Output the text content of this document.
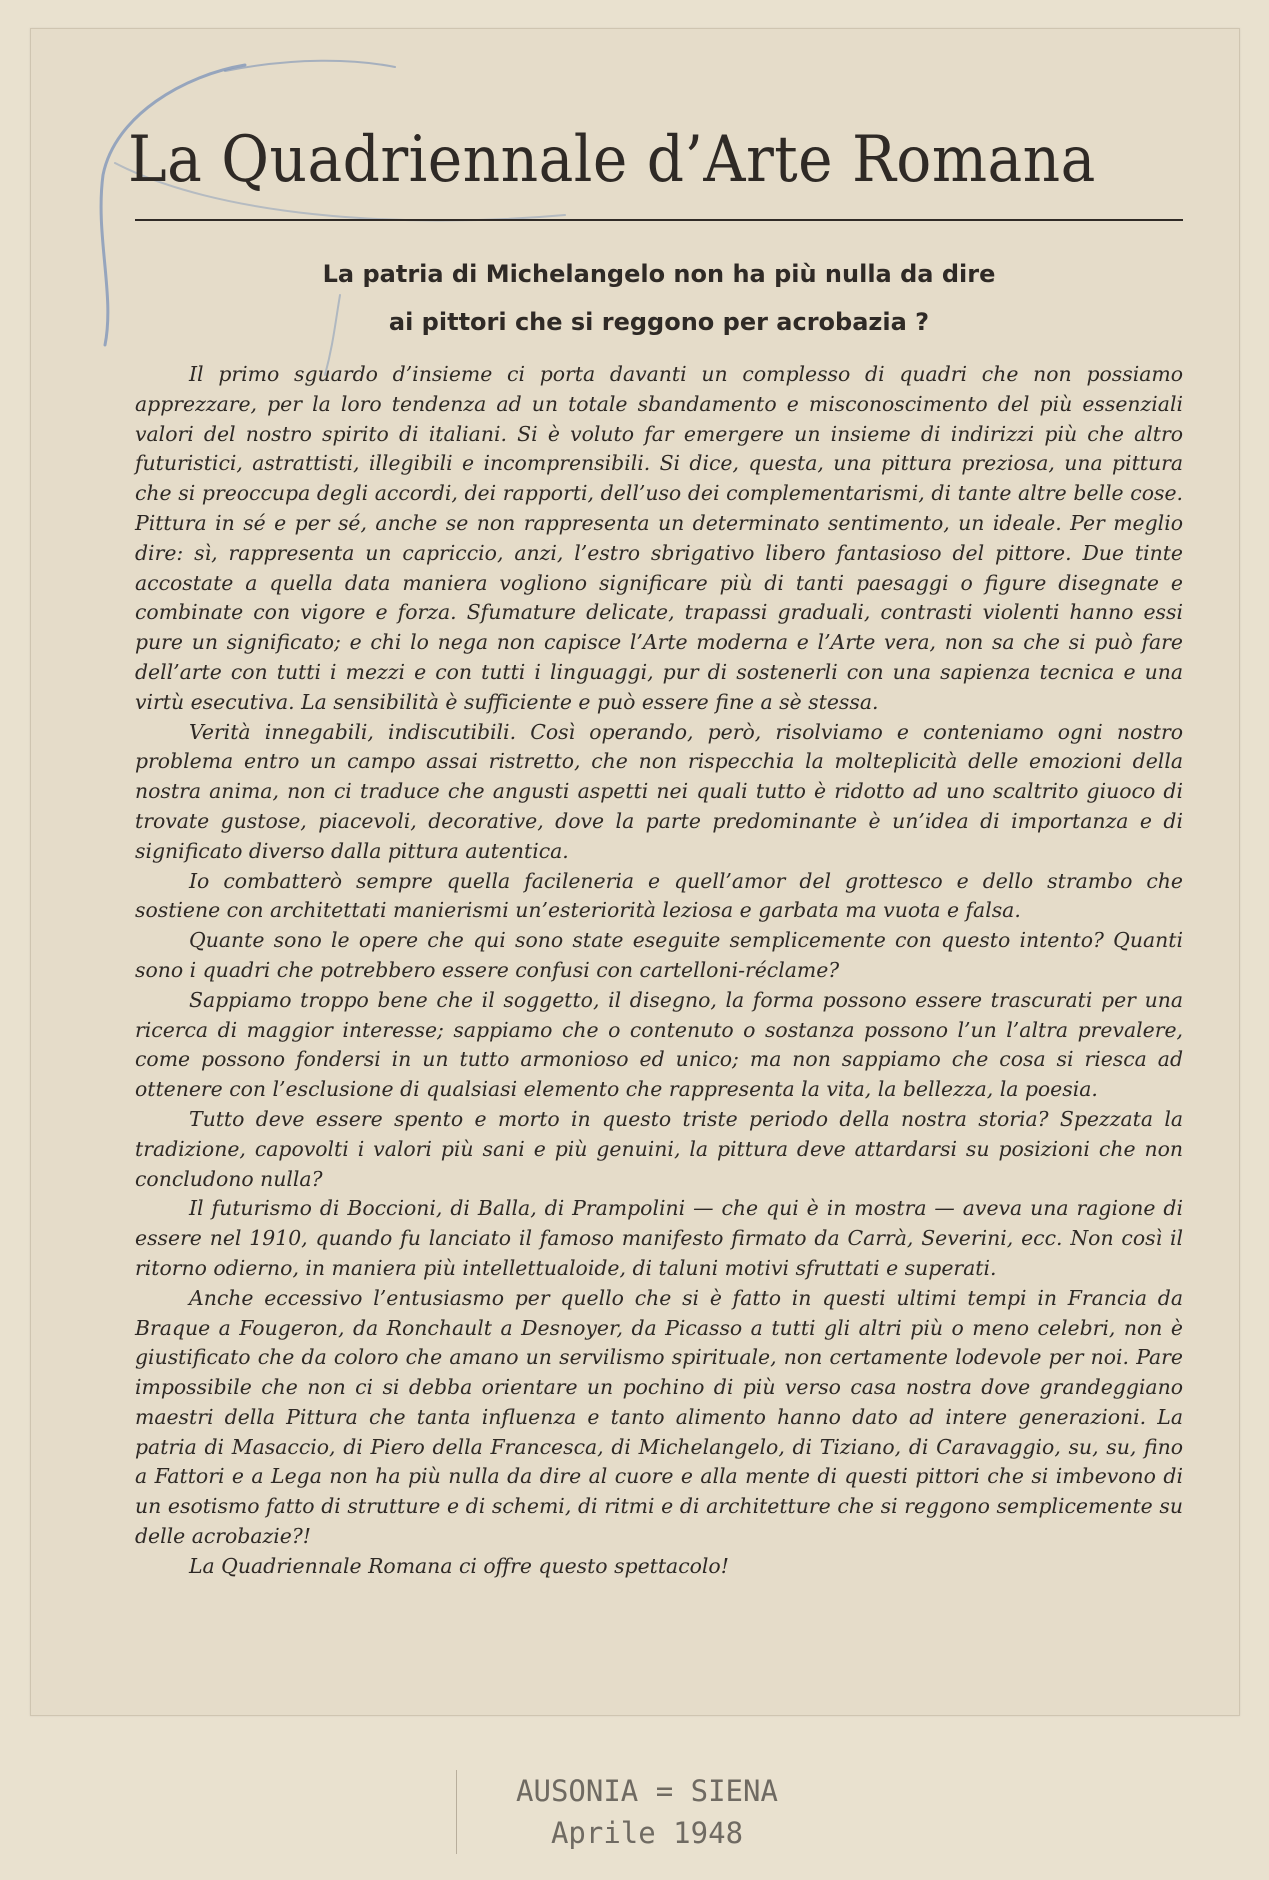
La Quadriennale d’Arte Romana
La patria di Michelangelo non ha più nulla da dire
ai pittori che si reggono per acrobazia ?

Il primo sguardo d’insieme ci porta davanti un complesso di quadri che non possiamo apprezzare, per la loro tendenza ad un totale sbandamento e misconoscimento del più essenziali valori del nostro spirito di italiani. Si è voluto far emergere un insieme di indirizzi più che altro futuristici, astrattisti, illegibili e incomprensibili. Si dice, questa, una pittura preziosa, una pittura che si preoccupa degli accordi, dei rapporti, dell’uso dei complementarismi, di tante altre belle cose. Pittura in sé e per sé, anche se non rappresenta un determinato sentimento, un ideale. Per meglio dire: sì, rappresenta un capriccio, anzi, l’estro sbrigativo libero fantasioso del pittore. Due tinte accostate a quella data maniera vogliono significare più di tanti paesaggi o figure disegnate e combinate con vigore e forza. Sfumature delicate, trapassi graduali, contrasti violenti hanno essi pure un significato; e chi lo nega non capisce l’Arte moderna e l’Arte vera, non sa che si può fare dell’arte con tutti i mezzi e con tutti i linguaggi, pur di sostenerli con una sapienza tecnica e una virtù esecutiva. La sensibilità è sufficiente e può essere fine a sè stessa.

Verità innegabili, indiscutibili. Così operando, però, risolviamo e conteniamo ogni nostro problema entro un campo assai ristretto, che non rispecchia la molteplicità delle emozioni della nostra anima, non ci traduce che angusti aspetti nei quali tutto è ridotto ad uno scaltrito giuoco di trovate gustose, piacevoli, decorative, dove la parte predominante è un’idea di importanza e di significato diverso dalla pittura autentica.

Io combatterò sempre quella facileneria e quell’amor del grottesco e dello strambo che sostiene con architettati manierismi un’esteriorità leziosa e garbata ma vuota e falsa.

Quante sono le opere che qui sono state eseguite semplicemente con questo intento? Quanti sono i quadri che potrebbero essere confusi con cartelloni-réclame?

Sappiamo troppo bene che il soggetto, il disegno, la forma possono essere trascurati per una ricerca di maggior interesse; sappiamo che o contenuto o sostanza possono l’un l’altra prevalere, come possono fondersi in un tutto armonioso ed unico; ma non sappiamo che cosa si riesca ad ottenere con l’esclusione di qualsiasi elemento che rappresenta la vita, la bellezza, la poesia.

Tutto deve essere spento e morto in questo triste periodo della nostra storia? Spezzata la tradizione, capovolti i valori più sani e più genuini, la pittura deve attardarsi su posizioni che non concludono nulla?

Il futurismo di Boccioni, di Balla, di Prampolini — che qui è in mostra — aveva una ragione di essere nel 1910, quando fu lanciato il famoso manifesto firmato da Carrà, Severini, ecc. Non così il ritorno odierno, in maniera più intellettualoide, di taluni motivi sfruttati e superati.

Anche eccessivo l’entusiasmo per quello che si è fatto in questi ultimi tempi in Francia da Braque a Fougeron, da Ronchault a Desnoyer, da Picasso a tutti gli altri più o meno celebri, non è giustificato che da coloro che amano un servilismo spirituale, non certamente lodevole per noi. Pare impossibile che non ci si debba orientare un pochino di più verso casa nostra dove grandeggiano maestri della Pittura che tanta influenza e tanto alimento hanno dato ad intere generazioni. La patria di Masaccio, di Piero della Francesca, di Michelangelo, di Tiziano, di Caravaggio, su, su, fino a Fattori e a Lega non ha più nulla da dire al cuore e alla mente di questi pittori che si imbevono di un esotismo fatto di strutture e di schemi, di ritmi e di architetture che si reggono semplicemente su delle acrobazie?!

La Quadriennale Romana ci offre questo spettacolo!

AUSONIA = SIENA
Aprile 1948
